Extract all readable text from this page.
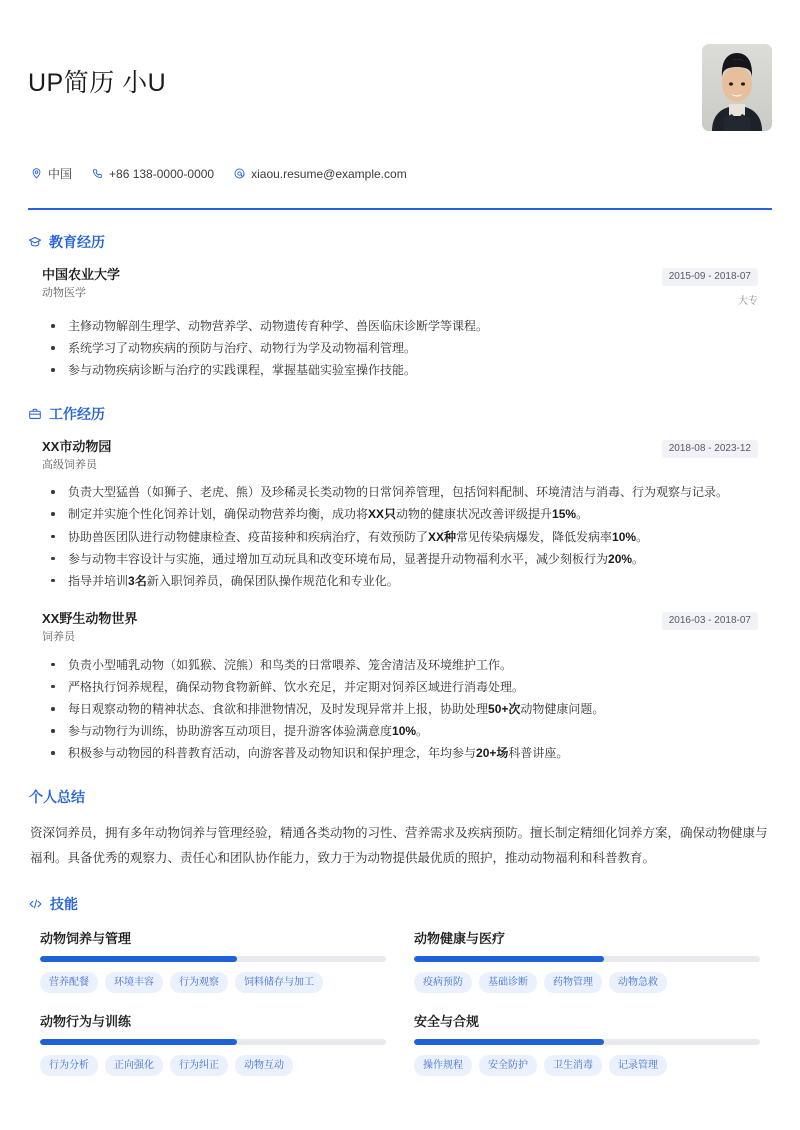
UP简历 小U
中国	+86 138-0000-0000	xiaou.resume@example.com
教育经历
中国农业大学
动物医学
2015-09 - 2018-07
大专
主修动物解剖生理学、动物营养学、动物遗传育种学、兽医临床诊断学等课程。
系统学习了动物疾病的预防与治疗、动物行为学及动物福利管理。
参与动物疾病诊断与治疗的实践课程，掌握基础实验室操作技能。
工作经历
XX市动物园
高级饲养员
2018-08 - 2023-12
负责大型猛兽（如狮子、老虎、熊）及珍稀灵长类动物的日常饲养管理，包括饲料配制、环境清洁与消毒、行为观察与记录。
制定并实施个性化饲养计划，确保动物营养均衡，成功将XX只动物的健康状况改善评级提升15%。
协助兽医团队进行动物健康检查、疫苗接种和疾病治疗，有效预防了XX种常见传染病爆发，降低发病率10%。
参与动物丰容设计与实施，通过增加互动玩具和改变环境布局，显著提升动物福利水平，减少刻板行为20%。
指导并培训3名新入职饲养员，确保团队操作规范化和专业化。
XX野生动物世界
饲养员
2016-03 - 2018-07
负责小型哺乳动物（如狐猴、浣熊）和鸟类的日常喂养、笼舍清洁及环境维护工作。
严格执行饲养规程，确保动物食物新鲜、饮水充足，并定期对饲养区域进行消毒处理。
每日观察动物的精神状态、食欲和排泄物情况，及时发现异常并上报，协助处理50+次动物健康问题。
参与动物行为训练，协助游客互动项目，提升游客体验满意度10%。
积极参与动物园的科普教育活动，向游客普及动物知识和保护理念，年均参与20+场科普讲座。
个人总结
资深饲养员，拥有多年动物饲养与管理经验，精通各类动物的习性、营养需求及疾病预防。擅长制定精细化饲养方案，确保动物健康与福利。具备优秀的观察力、责任心和团队协作能力，致力于为动物提供最优质的照护，推动动物福利和科普教育。
技能
动物饲养与管理
营养配餐	环境丰容	行为观察	饲料储存与加工
动物健康与医疗
疫病预防	基础诊断	药物管理	动物急救
动物行为与训练
行为分析	正向强化	行为纠正	动物互动
安全与合规
操作规程	安全防护	卫生消毒	记录管理
